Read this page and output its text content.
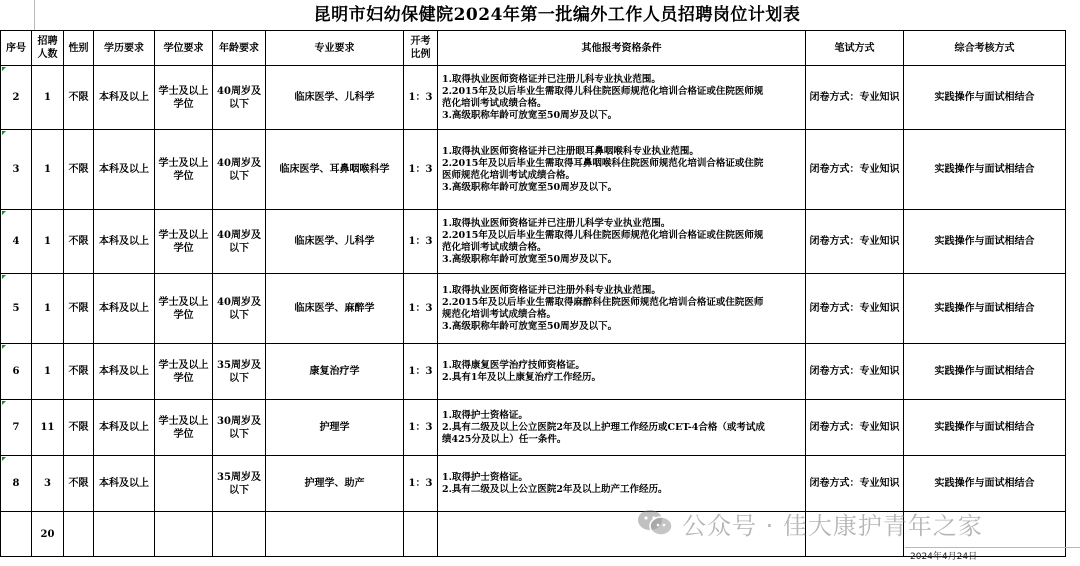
昆明市妇幼保健院2024年第一批编外工作人员招聘岗位计划表
序号	招聘人数	性别	学历要求	学位要求	年龄要求	专业要求	开考比例	其他报考资格条件	笔试方式	综合考核方式
2	1	不限	本科及以上	学士及以上学位	40周岁及以下	临床医学、儿科学	1：3	1.取得执业医师资格证并已注册儿科专业执业范围。
2.2015年及以后毕业生需取得儿科住院医师规范化培训合格证或住院医师规
范化培训考试成绩合格。
3.高级职称年龄可放宽至50周岁及以下。	闭卷方式：专业知识	实践操作与面试相结合
3	1	不限	本科及以上	学士及以上学位	40周岁及以下	临床医学、耳鼻咽喉科学	1：3	1.取得执业医师资格证并已注册眼耳鼻咽喉科专业执业范围。
2.2015年及以后毕业生需取得耳鼻咽喉科住院医师规范化培训合格证或住院
医师规范化培训考试成绩合格。
3.高级职称年龄可放宽至50周岁及以下。	闭卷方式：专业知识	实践操作与面试相结合
4	1	不限	本科及以上	学士及以上学位	40周岁及以下	临床医学、儿科学	1：3	1.取得执业医师资格证并已注册儿科学专业执业范围。
2.2015年及以后毕业生需取得儿科住院医师规范化培训合格证或住院医师规
范化培训考试成绩合格。
3.高级职称年龄可放宽至50周岁及以下。	闭卷方式：专业知识	实践操作与面试相结合
5	1	不限	本科及以上	学士及以上学位	40周岁及以下	临床医学、麻醉学	1：3	1.取得执业医师资格证并已注册外科专业执业范围。
2.2015年及以后毕业生需取得麻醉科住院医师规范化培训合格证或住院医师
规范化培训考试成绩合格。
3.高级职称年龄可放宽至50周岁及以下。	闭卷方式：专业知识	实践操作与面试相结合
6	1	不限	本科及以上	学士及以上学位	35周岁及以下	康复治疗学	1：3	1.取得康复医学治疗技师资格证。
2.具有1年及以上康复治疗工作经历。	闭卷方式：专业知识	实践操作与面试相结合
7	11	不限	本科及以上	学士及以上学位	30周岁及以下	护理学	1：3	1.取得护士资格证。
2.具有二级及以上公立医院2年及以上护理工作经历或CET-4合格（或考试成
绩425分及以上）任一条件。	闭卷方式：专业知识	实践操作与面试相结合
8	3	不限	本科及以上		35周岁及以下	护理学、助产	1：3	1.取得护士资格证。
2.具有二级及以上公立医院2年及以上助产工作经历。	闭卷方式：专业知识	实践操作与面试相结合
	20										公众号 · 佳大康护青年之家
2024年4月24日
